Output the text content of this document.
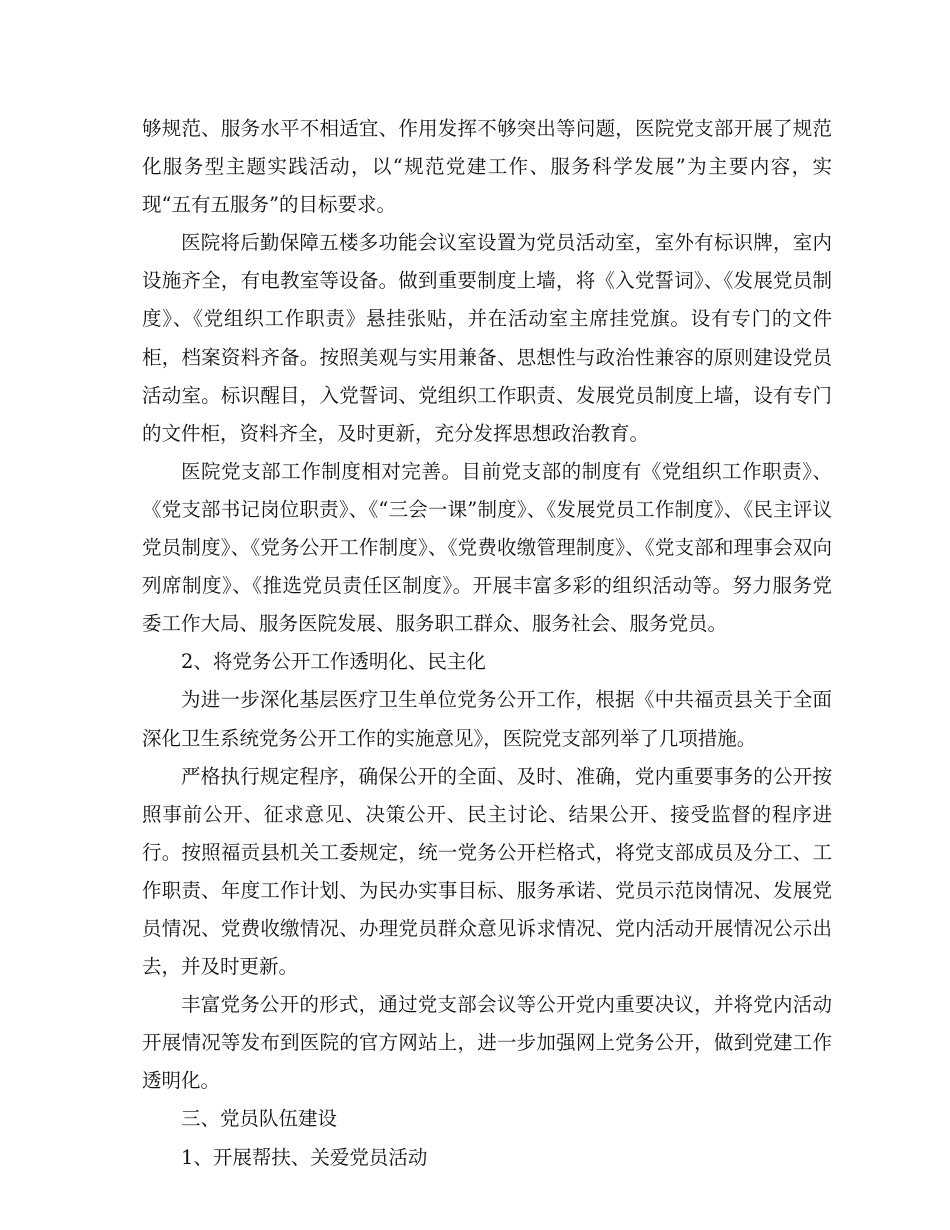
够规范、服务水平不相适宜、作用发挥不够突出等问题，医院党支部开展了规范化服务型主题实践活动，以“规范党建工作、服务科学发展”为主要内容，实现“五有五服务”的目标要求。

医院将后勤保障五楼多功能会议室设置为党员活动室，室外有标识牌，室内设施齐全，有电教室等设备。做到重要制度上墙，将《入党誓词》、《发展党员制度》、《党组织工作职责》悬挂张贴，并在活动室主席挂党旗。设有专门的文件柜，档案资料齐备。按照美观与实用兼备、思想性与政治性兼容的原则建设党员活动室。标识醒目，入党誓词、党组织工作职责、发展党员制度上墙，设有专门的文件柜，资料齐全，及时更新，充分发挥思想政治教育。

医院党支部工作制度相对完善。目前党支部的制度有《党组织工作职责》、《党支部书记岗位职责》、《“三会一课”制度》、《发展党员工作制度》、《民主评议党员制度》、《党务公开工作制度》、《党费收缴管理制度》、《党支部和理事会双向列席制度》、《推选党员责任区制度》。开展丰富多彩的组织活动等。努力服务党委工作大局、服务医院发展、服务职工群众、服务社会、服务党员。

2、将党务公开工作透明化、民主化

为进一步深化基层医疗卫生单位党务公开工作，根据《中共福贡县关于全面深化卫生系统党务公开工作的实施意见》，医院党支部列举了几项措施。

严格执行规定程序，确保公开的全面、及时、准确，党内重要事务的公开按照事前公开、征求意见、决策公开、民主讨论、结果公开、接受监督的程序进行。按照福贡县机关工委规定，统一党务公开栏格式，将党支部成员及分工、工作职责、年度工作计划、为民办实事目标、服务承诺、党员示范岗情况、发展党员情况、党费收缴情况、办理党员群众意见诉求情况、党内活动开展情况公示出去，并及时更新。

丰富党务公开的形式，通过党支部会议等公开党内重要决议，并将党内活动开展情况等发布到医院的官方网站上，进一步加强网上党务公开，做到党建工作透明化。

三、党员队伍建设

1、开展帮扶、关爱党员活动
